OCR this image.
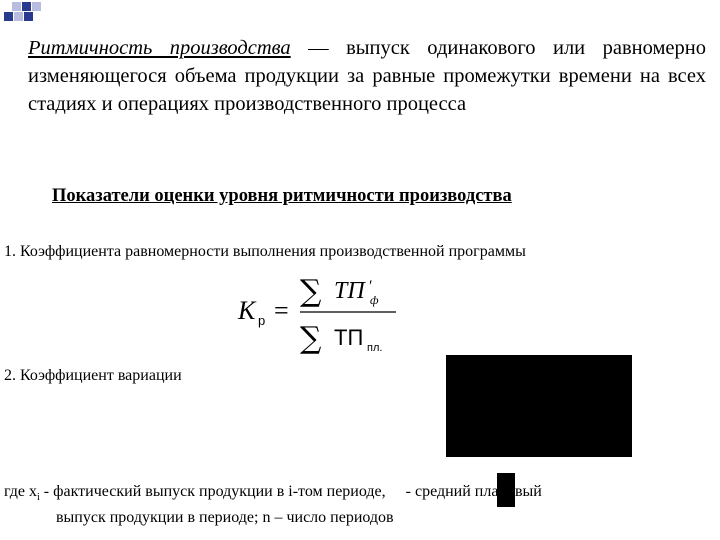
Ритмичность производства — выпуск одинакового или равномерно изменяющегося объема продукции за равные промежутки времени на всех стадиях и операциях производственного процесса
Показатели оценки уровня ритмичности производства
1. Коэффициента равномерности выполнения производственной программы
К р =
∑ ТП ′
ф
∑ ТП пл.
2. Коэффициент вариации
где $x_i$ - фактический выпуск продукции в i-том периоде, - средний плановый
выпуск продукции в периоде; n – число периодов
